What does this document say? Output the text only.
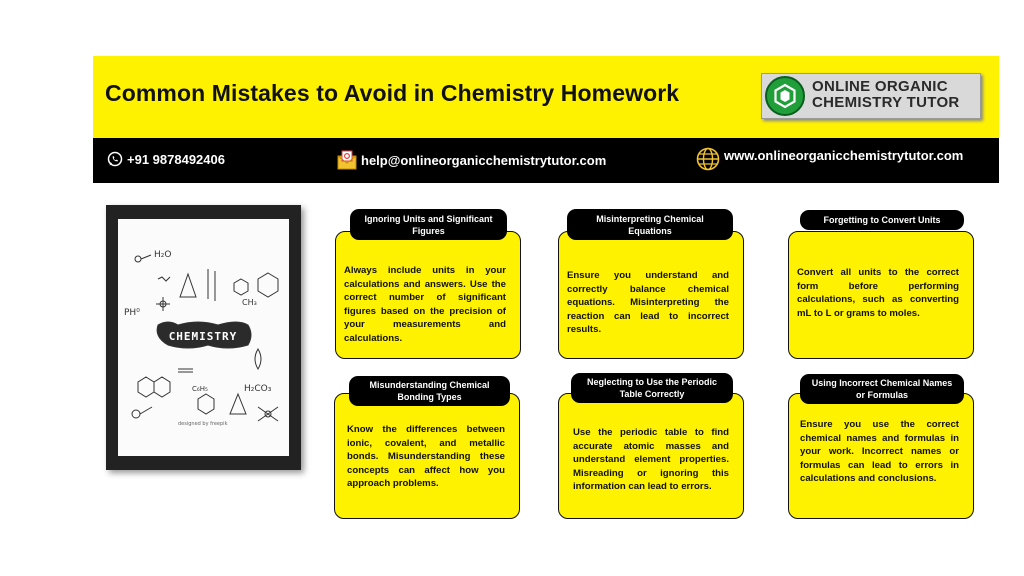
Common Mistakes to Avoid in Chemistry Homework	ONLINE ORGANIC
CHEMISTRY TUTOR
+91 9878492406	help@onlineorganicchemistrytutor.com	www.onlineorganicchemistrytutor.com
H₂O
PH⁰
C₆H₅	H₂CO₃
CH₃
CHEMISTRY
designed by freepik
Always include units in your calculations and answers. Use the correct number of significant figures based on the precision of your measurements and calculations.
Ignoring Units and Significant Figures
Ensure you understand and correctly balance chemical equations. Misinterpreting the reaction can lead to incorrect results.
Misinterpreting Chemical Equations
Convert all units to the correct form before performing calculations, such as converting mL to L or grams to moles.
Forgetting to Convert Units
Know the differences between ionic, covalent, and metallic bonds. Misunderstanding these concepts can affect how you approach problems.
Misunderstanding Chemical Bonding Types
Use the periodic table to find accurate atomic masses and understand element properties. Misreading or ignoring this information can lead to errors.
Neglecting to Use the Periodic Table Correctly
Ensure you use the correct chemical names and formulas in your work. Incorrect names or formulas can lead to errors in calculations and conclusions.
Using Incorrect Chemical Names or Formulas
